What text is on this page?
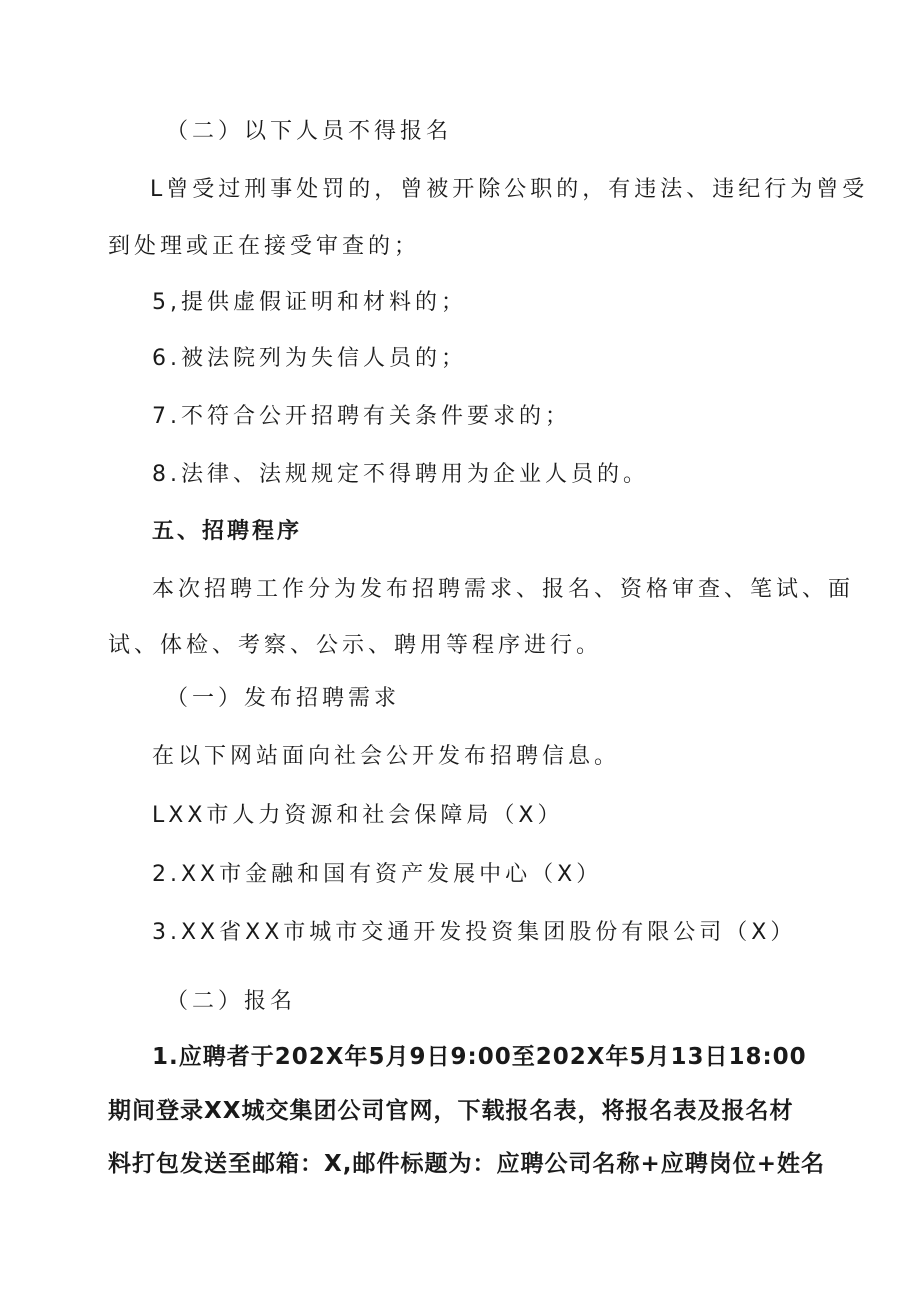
（二）以下人员不得报名

L曾受过刑事处罚的，曾被开除公职的，有违法、违纪行为曾受

到处理或正在接受审查的；

5,提供虚假证明和材料的；

6.被法院列为失信人员的；

7.不符合公开招聘有关条件要求的；

8.法律、法规规定不得聘用为企业人员的。

五、招聘程序

本次招聘工作分为发布招聘需求、报名、资格审查、笔试、面

试、体检、考察、公示、聘用等程序进行。

（一）发布招聘需求

在以下网站面向社会公开发布招聘信息。

LXX市人力资源和社会保障局（X）

2.XX市金融和国有资产发展中心（X）

3.XX省XX市城市交通开发投资集团股份有限公司（X）

（二）报名

1.应聘者于202X年5月9日9:00至202X年5月13日18:00

期间登录XX城交集团公司官网，下载报名表，将报名表及报名材

料打包发送至邮箱：X,邮件标题为：应聘公司名称+应聘岗位+姓名
